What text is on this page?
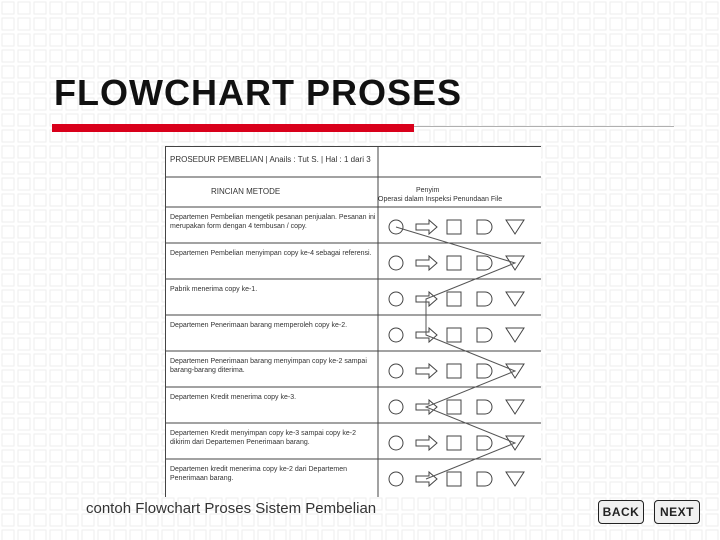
FLOWCHART PROSES
PROSEDUR PEMBELIAN | Anails : Tut S. | Hal : 1 dari 3
RINCIAN METODE	Penyim
Operasi dalam Inspeksi Penundaan File
Departemen Pembelian mengetik pesanan penjualan. Pesanan ini merupakan form dengan 4 tembusan / copy.
Departemen Pembelian menyimpan copy ke-4 sebagai referensi.
Pabrik menerima copy ke-1.
Departemen Penerimaan barang memperoleh copy ke-2.
Departemen Penerimaan barang menyimpan copy ke-2 sampai barang-barang diterima.
Departemen Kredit menerima copy ke-3.
Departemen Kredit menyimpan copy ke-3 sampai copy ke-2 dikirim dari Departemen Penerimaan barang.
Departemen kredit menerima copy ke-2 dari Departemen Penerimaan barang.
contoh Flowchart Proses Sistem Pembelian	BACK	NEXT
